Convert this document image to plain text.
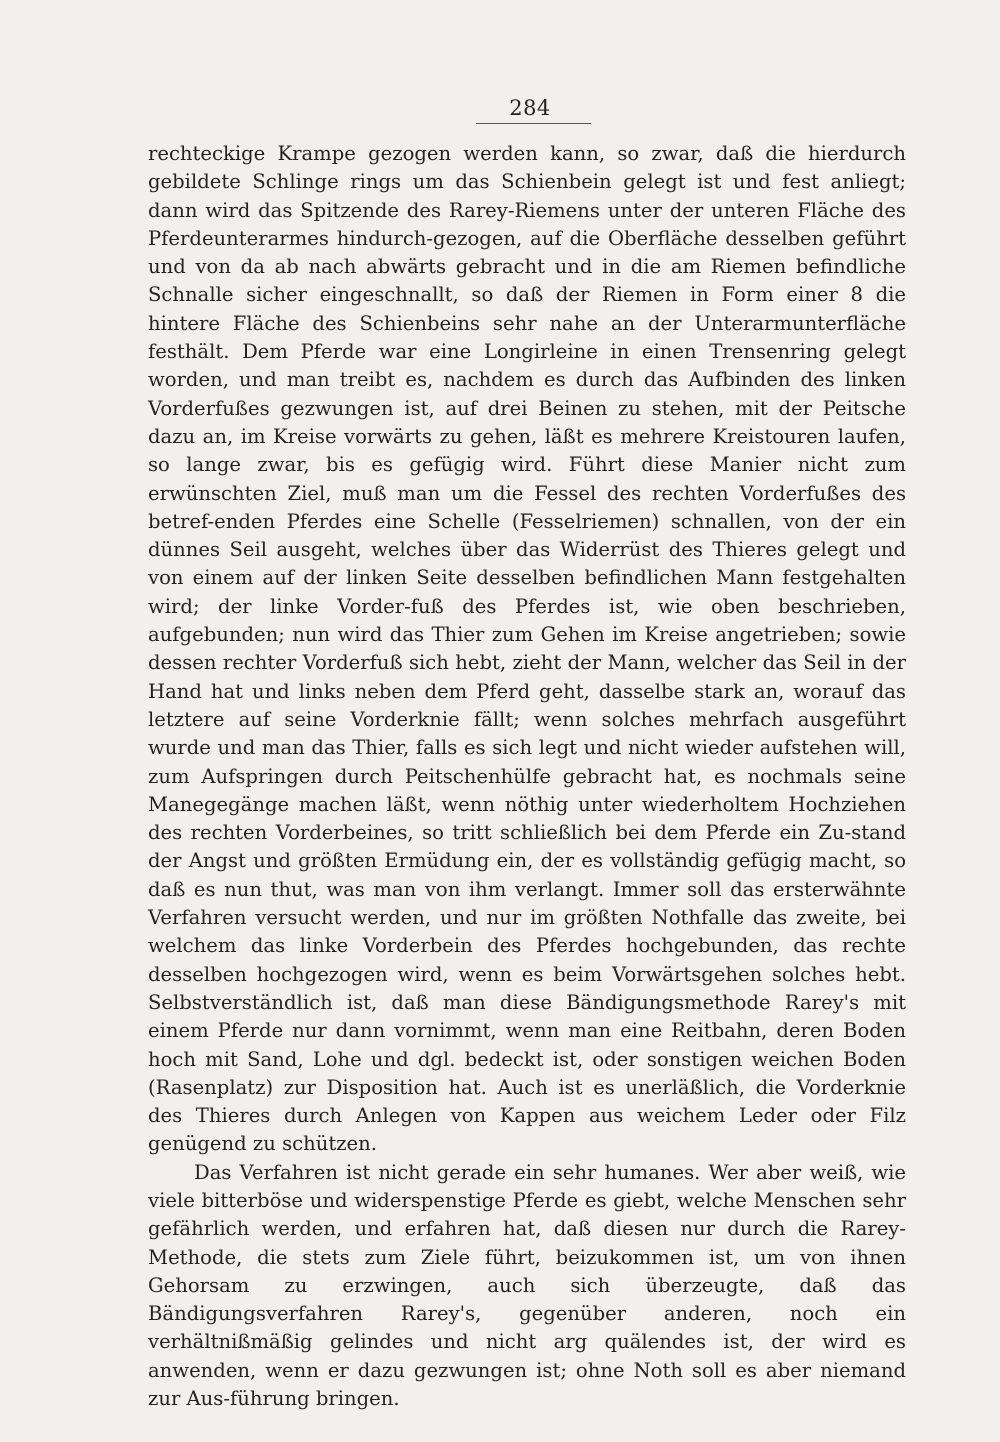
284

rechteckige Krampe gezogen werden kann, so zwar, daß die hierdurch gebildete Schlinge rings um das Schienbein gelegt ist und fest anliegt; dann wird das Spitzende des Rarey-Riemens unter der unteren Fläche des Pferdeunterarmes hindurch-gezogen, auf die Oberfläche desselben geführt und von da ab nach abwärts gebracht und in die am Riemen befindliche Schnalle sicher eingeschnallt, so daß der Riemen in Form einer 8 die hintere Fläche des Schienbeins sehr nahe an der Unterarmunterfläche festhält. Dem Pferde war eine Longirleine in einen Trensenring gelegt worden, und man treibt es, nachdem es durch das Aufbinden des linken Vorderfußes gezwungen ist, auf drei Beinen zu stehen, mit der Peitsche dazu an, im Kreise vorwärts zu gehen, läßt es mehrere Kreistouren laufen, so lange zwar, bis es gefügig wird. Führt diese Manier nicht zum erwünschten Ziel, muß man um die Fessel des rechten Vorderfußes des betref-enden Pferdes eine Schelle (Fesselriemen) schnallen, von der ein dünnes Seil ausgeht, welches über das Widerrüst des Thieres gelegt und von einem auf der linken Seite desselben befindlichen Mann festgehalten wird; der linke Vorder-fuß des Pferdes ist, wie oben beschrieben, aufgebunden; nun wird das Thier zum Gehen im Kreise angetrieben; sowie dessen rechter Vorderfuß sich hebt, zieht der Mann, welcher das Seil in der Hand hat und links neben dem Pferd geht, dasselbe stark an, worauf das letztere auf seine Vorderknie fällt; wenn solches mehrfach ausgeführt wurde und man das Thier, falls es sich legt und nicht wieder aufstehen will, zum Aufspringen durch Peitschenhülfe gebracht hat, es nochmals seine Manegegänge machen läßt, wenn nöthig unter wiederholtem Hochziehen des rechten Vorderbeines, so tritt schließlich bei dem Pferde ein Zu-stand der Angst und größten Ermüdung ein, der es vollständig gefügig macht, so daß es nun thut, was man von ihm verlangt. Immer soll das ersterwähnte Verfahren versucht werden, und nur im größten Nothfalle das zweite, bei welchem das linke Vorderbein des Pferdes hochgebunden, das rechte desselben hochgezogen wird, wenn es beim Vorwärtsgehen solches hebt. Selbstverständlich ist, daß man diese Bändigungsmethode Rarey's mit einem Pferde nur dann vornimmt, wenn man eine Reitbahn, deren Boden hoch mit Sand, Lohe und dgl. bedeckt ist, oder sonstigen weichen Boden (Rasenplatz) zur Disposition hat. Auch ist es unerläßlich, die Vorderknie des Thieres durch Anlegen von Kappen aus weichem Leder oder Filz genügend zu schützen.

Das Verfahren ist nicht gerade ein sehr humanes. Wer aber weiß, wie viele bitterböse und widerspenstige Pferde es giebt, welche Menschen sehr gefährlich werden, und erfahren hat, daß diesen nur durch die Rarey-Methode, die stets zum Ziele führt, beizukommen ist, um von ihnen Gehorsam zu erzwingen, auch sich überzeugte, daß das Bändigungsverfahren Rarey's, gegenüber anderen, noch ein verhältnißmäßig gelindes und nicht arg quälendes ist, der wird es anwenden, wenn er dazu gezwungen ist; ohne Noth soll es aber niemand zur Aus-führung bringen.
